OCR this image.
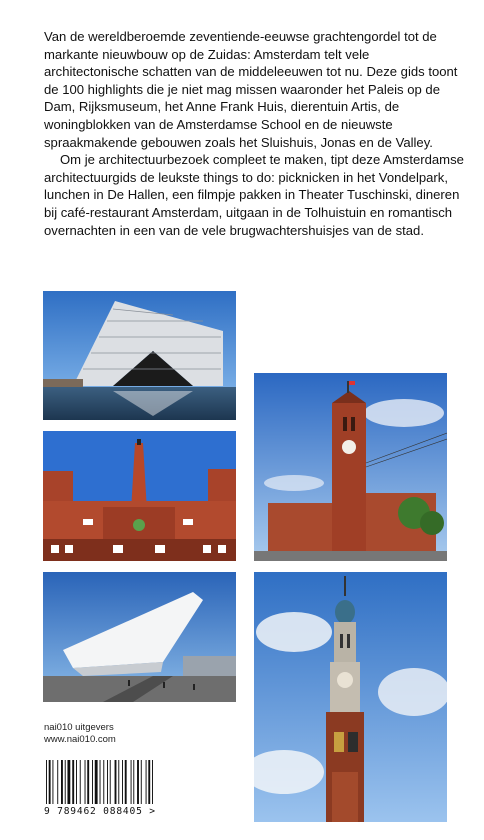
Van de wereldberoemde zeventiende-eeuwse grachtengordel tot de markante nieuwbouw op de Zuidas: Amsterdam telt vele architectonische schatten van de middeleeuwen tot nu. Deze gids toont de 100 highlights die je niet mag missen waaronder het Paleis op de Dam, Rijksmuseum, het Anne Frank Huis, dierentuin Artis, de woningblokken van de Amsterdamse School en de nieuwste spraakmakende gebouwen zoals het Sluishuis, Jonas en de Valley.

Om je architectuurbezoek compleet te maken, tipt deze Amsterdamse architectuurgids de leukste things to do: picknicken in het Vondelpark, lunchen in De Hallen, een filmpje pakken in Theater Tuschinski, dineren bij café-restaurant Amsterdam, uitgaan in de Tolhuistuin en romantisch overnachten in een van de vele brugwachtershuisjes van de stad.

nai010 uitgevers
www.nai010.com
9 789462 088405 >
